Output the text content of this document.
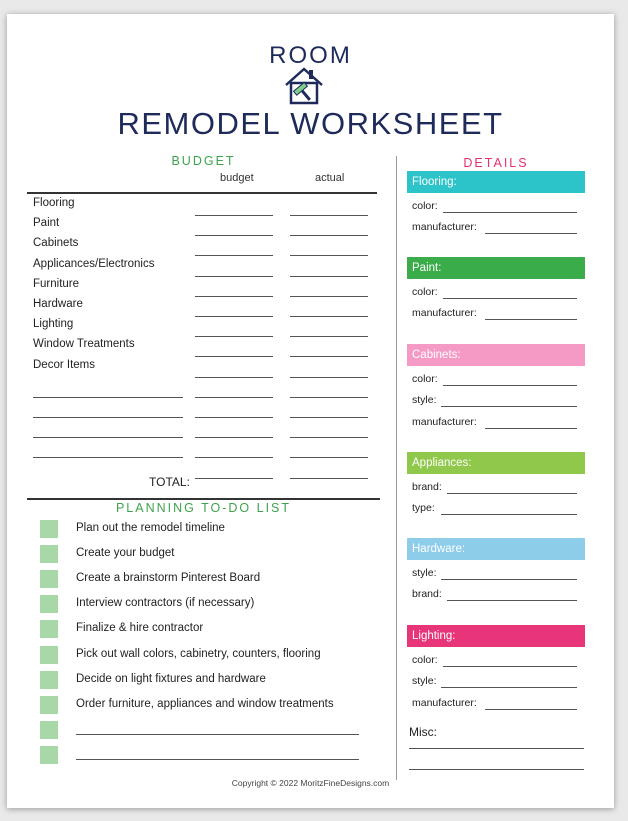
ROOM
REMODEL WORKSHEET
BUDGET
budget	actual
Flooring
Paint
Cabinets
Applicances/Electronics
Furniture
Hardware
Lighting
Window Treatments
Decor Items
TOTAL:
PLANNING TO-DO LIST
Plan out the remodel timeline
Create your budget
Create a brainstorm Pinterest Board
Interview contractors (if necessary)
Finalize & hire contractor
Pick out wall colors, cabinetry, counters, flooring
Decide on light fixtures and hardware
Order furniture, appliances and window treatments
DETAILS
Flooring:
color:
manufacturer:
Paint:
color:
manufacturer:
Cabinets:
color:
style:
manufacturer:
Appliances:
brand:
type:
Hardware:
style:
brand:
Lighting:
color:
style:
manufacturer:
Misc:
Copyright © 2022 MoritzFineDesigns.com
